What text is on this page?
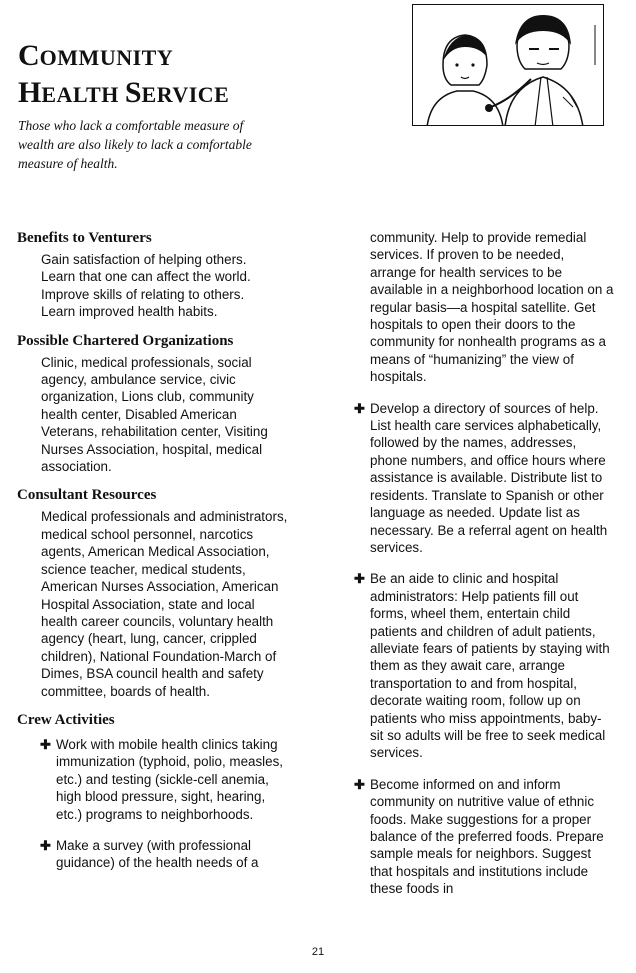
COMMUNITY
HEALTH SERVICE
Those who lack a comfortable measure of wealth are also likely to lack a comfortable measure of health.
Benefits to Venturers
Gain satisfaction of helping others.
Learn that one can affect the world.
Improve skills of relating to others.
Learn improved health habits.
Possible Chartered Organizations
Clinic, medical professionals, social agency, ambulance service, civic organization, Lions club, community health center, Disabled American Veterans, rehabilitation center, Visiting Nurses Association, hospital, medical association.
Consultant Resources
Medical professionals and administrators, medical school personnel, narcotics agents, American Medical Association, science teacher, medical students, American Nurses Association, American Hospital Association, state and local health career councils, voluntary health agency (heart, lung, cancer, crippled children), National Foundation-March of Dimes, BSA council health and safety committee, boards of health.
Crew Activities
✚ Work with mobile health clinics taking immunization (typhoid, polio, measles, etc.) and testing (sickle-cell anemia, high blood pressure, sight, hearing, etc.) programs to neighborhoods.
✚ Make a survey (with professional guidance) of the health needs of a
community. Help to provide remedial services. If proven to be needed, arrange for health services to be available in a neighborhood location on a regular basis—a hospital satellite. Get hospitals to open their doors to the community for nonhealth programs as a means of “humanizing” the view of hospitals.
✚ Develop a directory of sources of help. List health care services alphabetically, followed by the names, addresses, phone numbers, and office hours where assistance is available. Distribute list to residents. Translate to Spanish or other language as needed. Update list as necessary. Be a referral agent on health services.
✚ Be an aide to clinic and hospital administrators: Help patients fill out forms, wheel them, entertain child patients and children of adult patients, alleviate fears of patients by staying with them as they await care, arrange transportation to and from hospital, decorate waiting room, follow up on patients who miss appointments, baby-sit so adults will be free to seek medical services.
✚ Become informed on and inform community on nutritive value of ethnic foods. Make suggestions for a proper balance of the preferred foods. Prepare sample meals for neighbors. Suggest that hospitals and institutions include these foods in
21
